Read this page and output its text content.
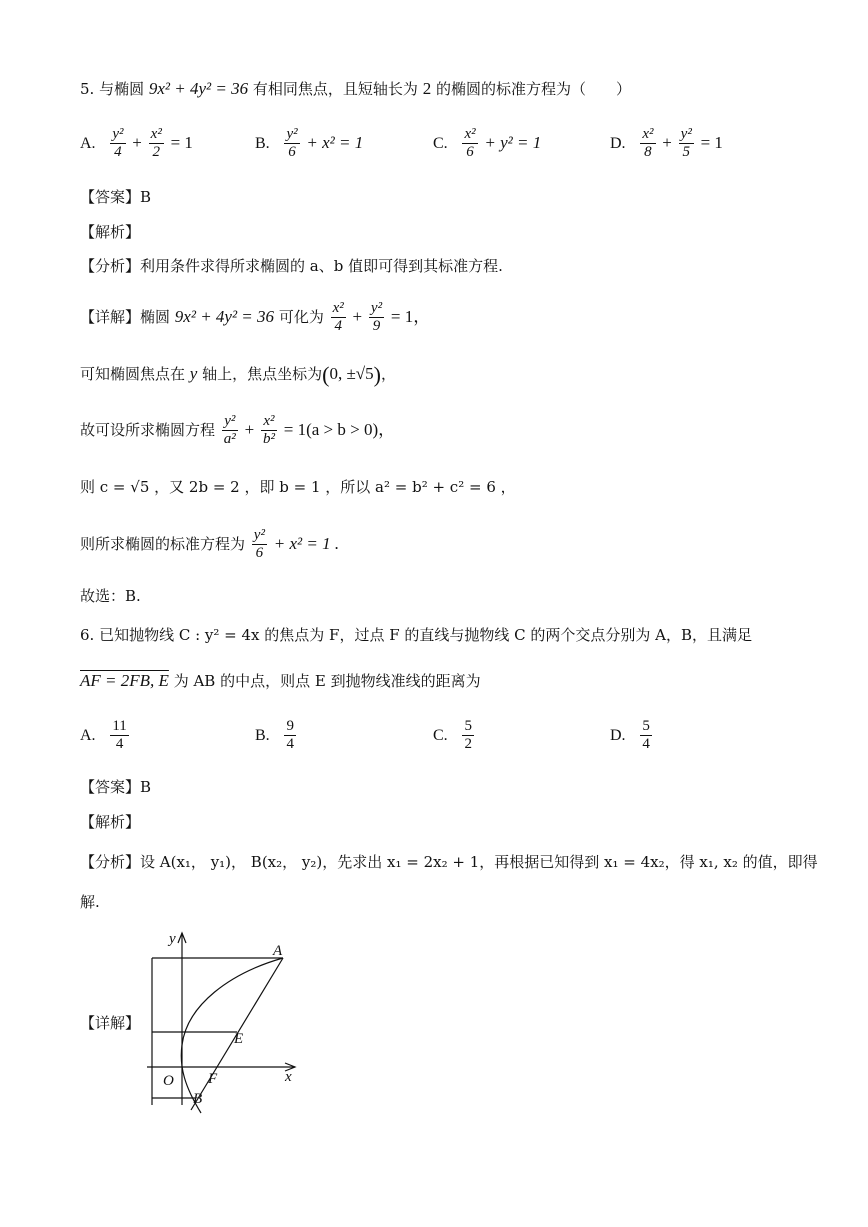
5. 与椭圆 9x² + 4y² = 36 有相同焦点，且短轴长为 2 的椭圆的标准方程为（　　）
A. $\frac{\text{y²}}{4} + \frac{\text{x²}}{2} = 1$	B. $\frac{\text{y²}}{6} + x^2 = 1$	C. $\frac{\text{x²}}{6} + y^2 = 1$	D. $\frac{\text{x²}}{8} + \frac{\text{y²}}{5} = 1$
【答案】B
【解析】
【分析】利用条件求得所求椭圆的 a、b 值即可得到其标准方程.
【详解】椭圆 9x² + 4y² = 36 可化为 $\frac{\text{x²}}{4} + \frac{\text{y²}}{9} = 1$，
可知椭圆焦点在 y 轴上，焦点坐标为(0, ±√5)，
故可设所求椭圆方程 $\frac{\text{y²}}{\text{a²}} + \frac{\text{x²}}{\text{b²}} = 1(a > b > 0)$，
则 c = √5 ，又 2b = 2 ，即 b = 1 ，所以 a² = b² + c² = 6 ，
则所求椭圆的标准方程为 $\frac{\text{y²}}{6} + x^2 = 1$ .
故选：B.
6. 已知抛物线 C : y² = 4x 的焦点为 F，过点 F 的直线与抛物线 C 的两个交点分别为 A，B，且满足
AF = 2FB, E 为 AB 的中点，则点 E 到抛物线准线的距离为
A. $\frac{11}{4}$	B. $\frac{9}{4}$	C. $\frac{5}{2}$	D. $\frac{5}{4}$
【答案】B
【解析】
【分析】设 A(x₁， y₁)， B(x₂， y₂)，先求出 x₁ = 2x₂ + 1，再根据已知得到 x₁ = 4x₂，得 x₁, x₂ 的值，即得
解.
【详解】
y
x
A
E
O F
B
